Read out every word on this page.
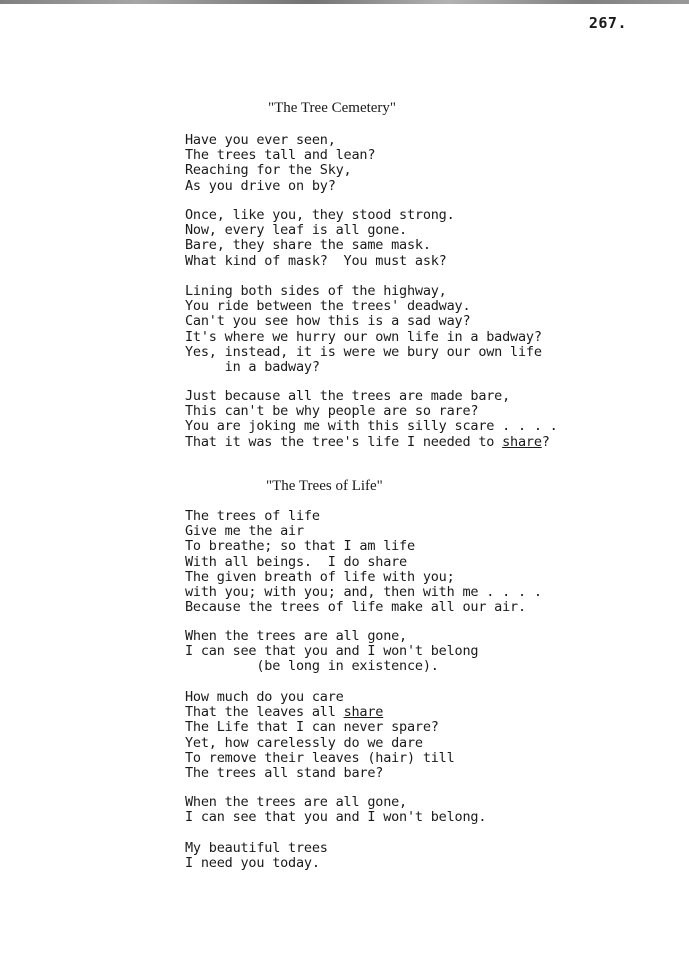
267.
"The Tree Cemetery"
Have you ever seen,
The trees tall and lean?
Reaching for the Sky,
As you drive on by?
Once, like you, they stood strong.
Now, every leaf is all gone.
Bare, they share the same mask.
What kind of mask?  You must ask?
Lining both sides of the highway,
You ride between the trees' deadway.
Can't you see how this is a sad way?
It's where we hurry our own life in a badway?
Yes, instead, it is were we bury our own life
in a badway?
Just because all the trees are made bare,
This can't be why people are so rare?
You are joking me with this silly scare . . . .
That it was the tree's life I needed to share?
"The Trees of Life"
The trees of life
Give me the air
To breathe; so that I am life
With all beings.  I do share
The given breath of life with you;
with you; with you; and, then with me . . . .
Because the trees of life make all our air.
When the trees are all gone,
I can see that you and I won't belong
(be long in existence).
How much do you care
That the leaves all share
The Life that I can never spare?
Yet, how carelessly do we dare
To remove their leaves (hair) till
The trees all stand bare?
When the trees are all gone,
I can see that you and I won't belong.
My beautiful trees
I need you today.
